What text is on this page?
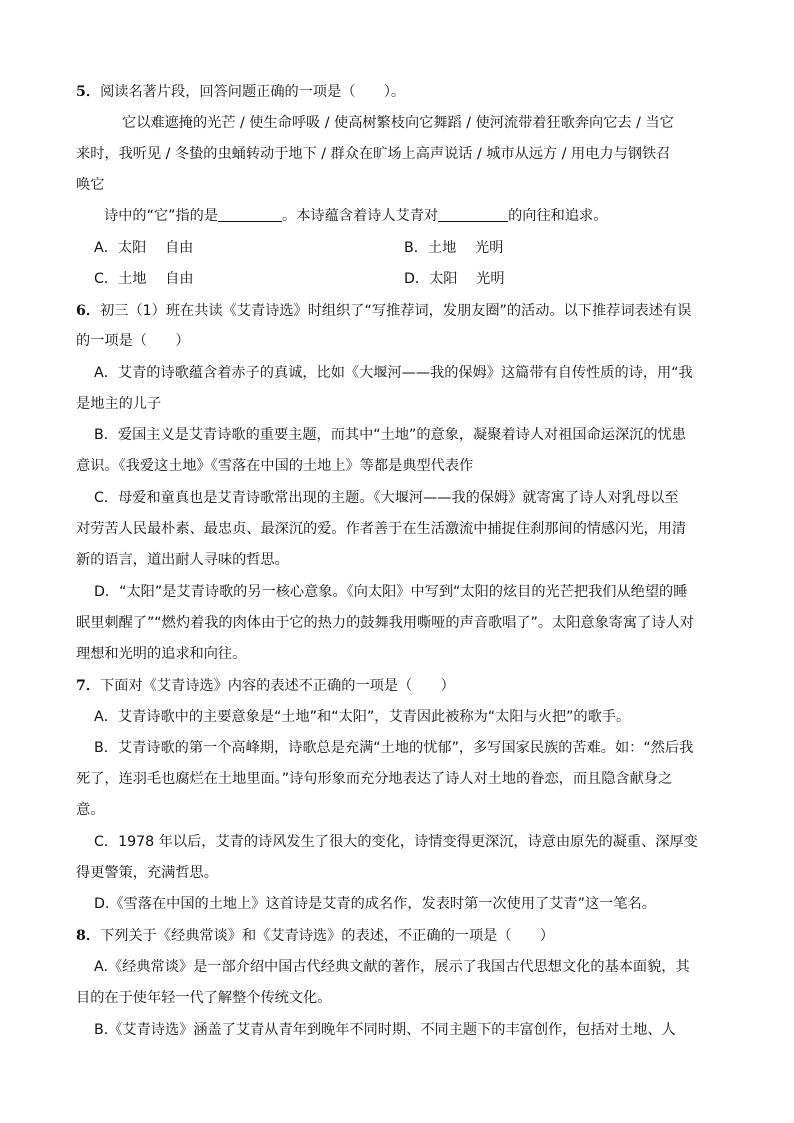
5．阅读名著片段，回答问题正确的一项是（　　）。
它以难遮掩的光芒 / 使生命呼吸 / 使高树繁枝向它舞蹈 / 使河流带着狂歌奔向它去 / 当它
来时，我听见 / 冬蛰的虫蛹转动于地下 / 群众在旷场上高声说话 / 城市从远方 / 用电力与钢铁召
唤它
诗中的“它”指的是	。本诗蕴含着诗人艾青对	的向往和追求。
A．太阳　 自由	B．土地　 光明
C．土地　 自由	D．太阳　 光明
6．初三（1）班在共读《艾青诗选》时组织了“写推荐词，发朋友圈”的活动。以下推荐词表述有误
的一项是（　　）
A．艾青的诗歌蕴含着赤子的真诚，比如《大堰河——我的保姆》这篇带有自传性质的诗，用“我
是地主的儿子
B．爱国主义是艾青诗歌的重要主题，而其中“土地”的意象，凝聚着诗人对祖国命运深沉的忧患
意识。《我爱这土地》《雪落在中国的土地上》等都是典型代表作
C．母爱和童真也是艾青诗歌常出现的主题。《大堰河——我的保姆》就寄寓了诗人对乳母以至
对劳苦人民最朴素、最忠贞、最深沉的爱。作者善于在生活激流中捕捉住刹那间的情感闪光，用清
新的语言，道出耐人寻味的哲思。
D．“太阳”是艾青诗歌的另一核心意象。《向太阳》中写到“太阳的炫目的光芒把我们从绝望的睡
眠里刺醒了”“燃灼着我的肉体由于它的热力的鼓舞我用嘶哑的声音歌唱了”。太阳意象寄寓了诗人对
理想和光明的追求和向往。
7．下面对《艾青诗选》内容的表述不正确的一项是（　　）
A．艾青诗歌中的主要意象是“土地”和“太阳”，艾青因此被称为“太阳与火把”的歌手。
B．艾青诗歌的第一个高峰期，诗歌总是充满“土地的忧郁”，多写国家民族的苦难。如：“然后我
死了，连羽毛也腐烂在土地里面。”诗句形象而充分地表达了诗人对土地的眷恋，而且隐含献身之
意。
C．1978 年以后，艾青的诗风发生了很大的变化，诗情变得更深沉，诗意由原先的凝重、深厚变
得更警策，充满哲思。
D.《雪落在中国的土地上》这首诗是艾青的成名作，发表时第一次使用了艾青”这一笔名。
8．下列关于《经典常谈》和《艾青诗选》的表述，不正确的一项是（　　）
A.《经典常谈》是一部介绍中国古代经典文献的著作，展示了我国古代思想文化的基本面貌，其
目的在于使年轻一代了解整个传统文化。
B.《艾青诗选》涵盖了艾青从青年到晚年不同时期、不同主题下的丰富创作，包括对土地、人
